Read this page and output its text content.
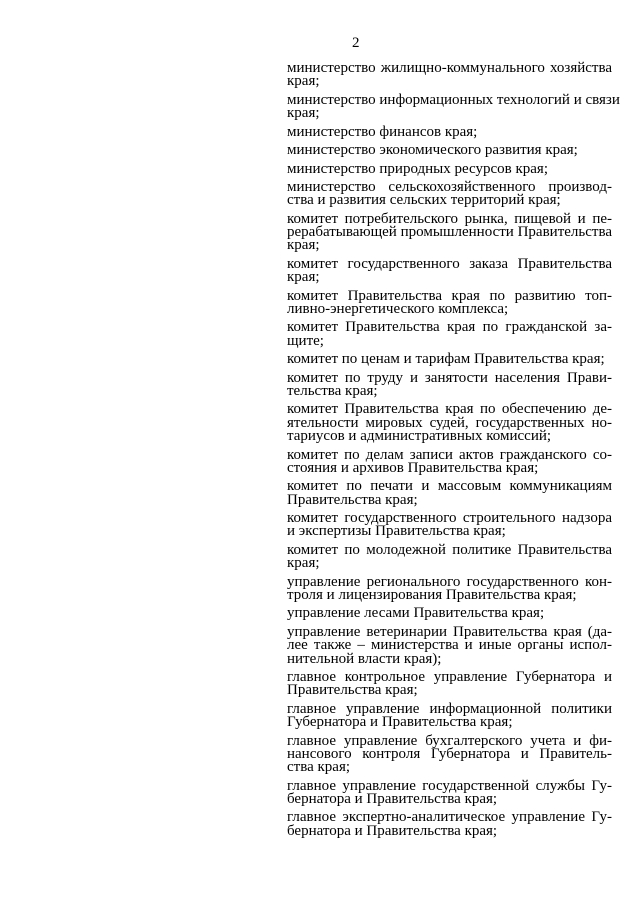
2
министерство жилищно-коммунального хозяйства
края;
министерство информационных технологий и связи
края;
министерство финансов края;
министерство экономического развития края;
министерство природных ресурсов края;
министерство сельскохозяйственного производ-
ства и развития сельских территорий края;
комитет потребительского рынка, пищевой и пе-
рерабатывающей промышленности Правительства
края;
комитет государственного заказа Правительства
края;
комитет Правительства края по развитию топ-
ливно-энергетического комплекса;
комитет Правительства края по гражданской за-
щите;
комитет по ценам и тарифам Правительства края;
комитет по труду и занятости населения Прави-
тельства края;
комитет Правительства края по обеспечению де-
ятельности мировых судей, государственных но-
тариусов и административных комиссий;
комитет по делам записи актов гражданского со-
стояния и архивов Правительства края;
комитет по печати и массовым коммуникациям
Правительства края;
комитет государственного строительного надзора
и экспертизы Правительства края;
комитет по молодежной политике Правительства
края;
управление регионального государственного кон-
троля и лицензирования Правительства края;
управление лесами Правительства края;
управление ветеринарии Правительства края (да-
лее также – министерства и иные органы испол-
нительной власти края);
главное контрольное управление Губернатора и
Правительства края;
главное управление информационной политики
Губернатора и Правительства края;
главное управление бухгалтерского учета и фи-
нансового контроля Губернатора и Правитель-
ства края;
главное управление государственной службы Гу-
бернатора и Правительства края;
главное экспертно-аналитическое управление Гу-
бернатора и Правительства края;
